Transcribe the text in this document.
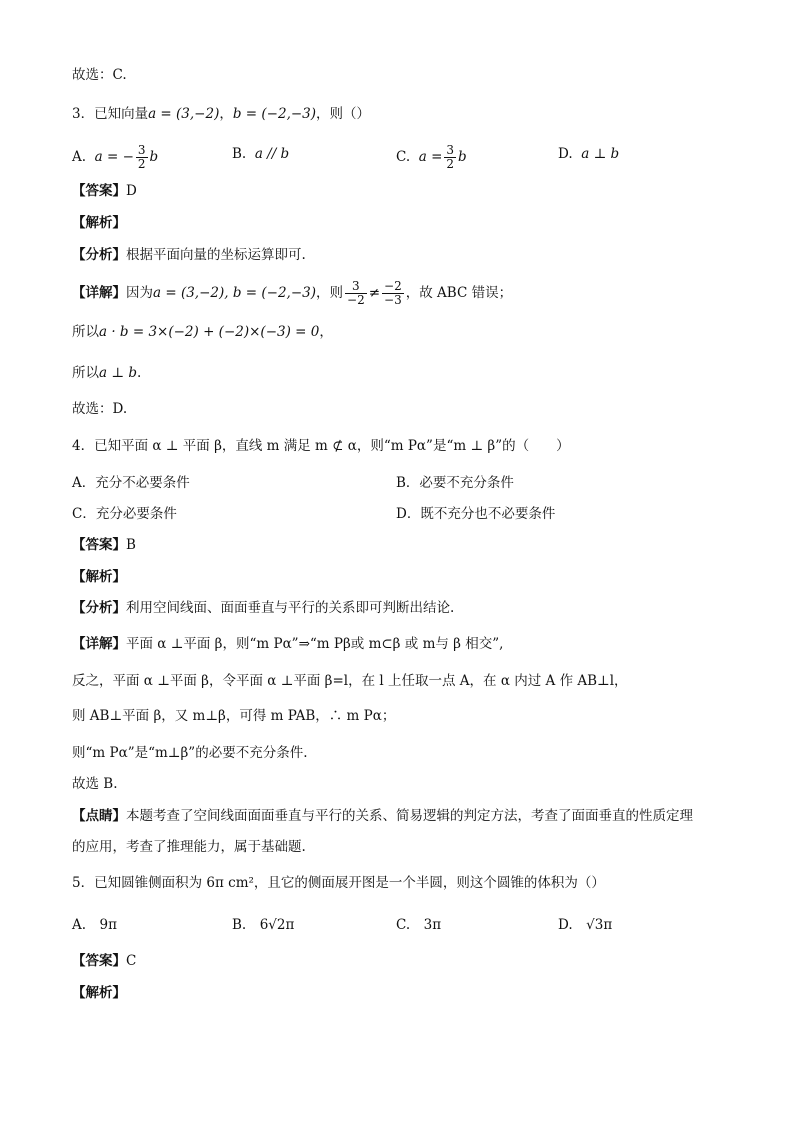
故选：C.
3．已知向量a = (3,−2)，b = (−2,−3)，则（）
A. a = − $\frac{3}{2}$ b	B. a // b	C. $a = \frac{3}{2}$ b	D. a ⊥ b
【答案】D
【解析】
【分析】根据平面向量的坐标运算即可.
【详解】因为a = (3,−2), b = (−2,−3)，则 $\frac{3}{-2} \ne \frac{-2}{-3}$ ，故 ABC 错误；
所以a · b = 3×(−2) + (−2)×(−3) = 0，
所以a ⊥ b.
故选：D.
4．已知平面 α ⊥ 平面 β，直线 m 满足 m ⊄ α，则“m Pα”是“m ⊥ β”的（　　）
A．充分不必要条件	B．必要不充分条件
C．充分必要条件	D．既不充分也不必要条件
【答案】B
【解析】
【分析】利用空间线面、面面垂直与平行的关系即可判断出结论.
【详解】平面 α ⊥平面 β，则“m Pα”⇒“m Pβ或 m⊂β 或 m与 β 相交”,
反之，平面 α ⊥平面 β，令平面 α ⊥平面 β=l，在 l 上任取一点 A，在 α 内过 A 作 AB⊥l，
则 AB⊥平面 β，又 m⊥β，可得 m PAB，∴ m Pα；
则“m Pα”是“m⊥β”的必要不充分条件.
故选 B.
【点睛】本题考查了空间线面面面垂直与平行的关系、简易逻辑的判定方法，考查了面面垂直的性质定理
的应用，考查了推理能力，属于基础题.
5．已知圆锥侧面积为 6π cm²，且它的侧面展开图是一个半圆，则这个圆锥的体积为（）
A.　9π	B.　6√2π	C.　3π	D.　√3π
【答案】C
【解析】
